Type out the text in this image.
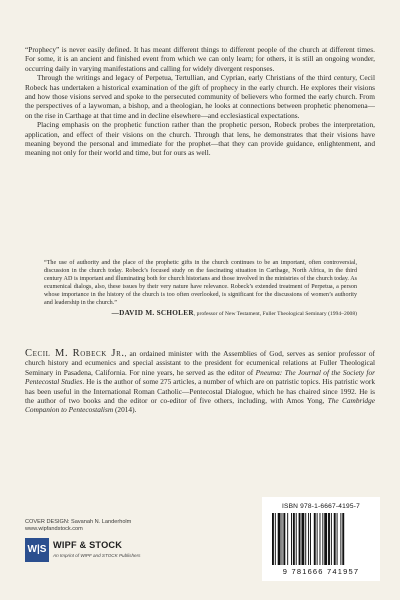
“Prophecy” is never easily defined. It has meant different things to different people of the church at different times. For some, it is an ancient and finished event from which we can only learn; for others, it is still an ongoing wonder, occurring daily in varying manifestations and calling for widely divergent responses.

Through the writings and legacy of Perpetua, Tertullian, and Cyprian, early Christians of the third century, Cecil Robeck has undertaken a historical examination of the gift of prophecy in the early church. He explores their visions and how those visions served and spoke to the persecuted community of believers who formed the early church. From the perspectives of a laywoman, a bishop, and a theologian, he looks at connections between prophetic phenomena—on the rise in Carthage at that time and in decline elsewhere—and ecclesiastical expectations.

Placing emphasis on the prophetic function rather than the prophetic person, Robeck probes the interpretation, application, and effect of their visions on the church. Through that lens, he demonstrates that their visions have meaning beyond the personal and immediate for the prophet—that they can provide guidance, enlightenment, and meaning not only for their world and time, but for ours as well.

“The use of authority and the place of the prophetic gifts in the church continues to be an important, often controversial, discussion in the church today. Robeck’s focused study on the fascinating situation in Carthage, North Africa, in the third century AD is important and illuminating both for church historians and those involved in the ministries of the church today. As ecumenical dialogs, also, these issues by their very nature have relevance. Robeck’s extended treatment of Perpetua, a person whose importance in the history of the church is too often overlooked, is significant for the discussions of women’s authority and leadership in the church.”

—DAVID M. SCHOLER, professor of New Testament, Fuller Theological Seminary (1994–2008)
Cecil M. Robeck Jr., an ordained minister with the Assemblies of God, serves as senior professor of church history and ecumenics and special assistant to the president for ecumenical relations at Fuller Theological Seminary in Pasadena, California. For nine years, he served as the editor of Pneuma: The Journal of the Society for Pentecostal Studies. He is the author of some 275 articles, a number of which are on patristic topics. His patristic work has been useful in the International Roman Catholic—Pentecostal Dialogue, which he has chaired since 1992. He is the author of two books and the editor or co-editor of five others, including, with Amos Yong, The Cambridge Companion to Pentecostalism (2014).
COVER DESIGN: Savanah N. Landerholm
www.wipfandstock.com
W|S WIPF & STOCK
An Imprint of WIPF and STOCK Publishers
ISBN 978-1-6667-4195-7
9 781666 741957
